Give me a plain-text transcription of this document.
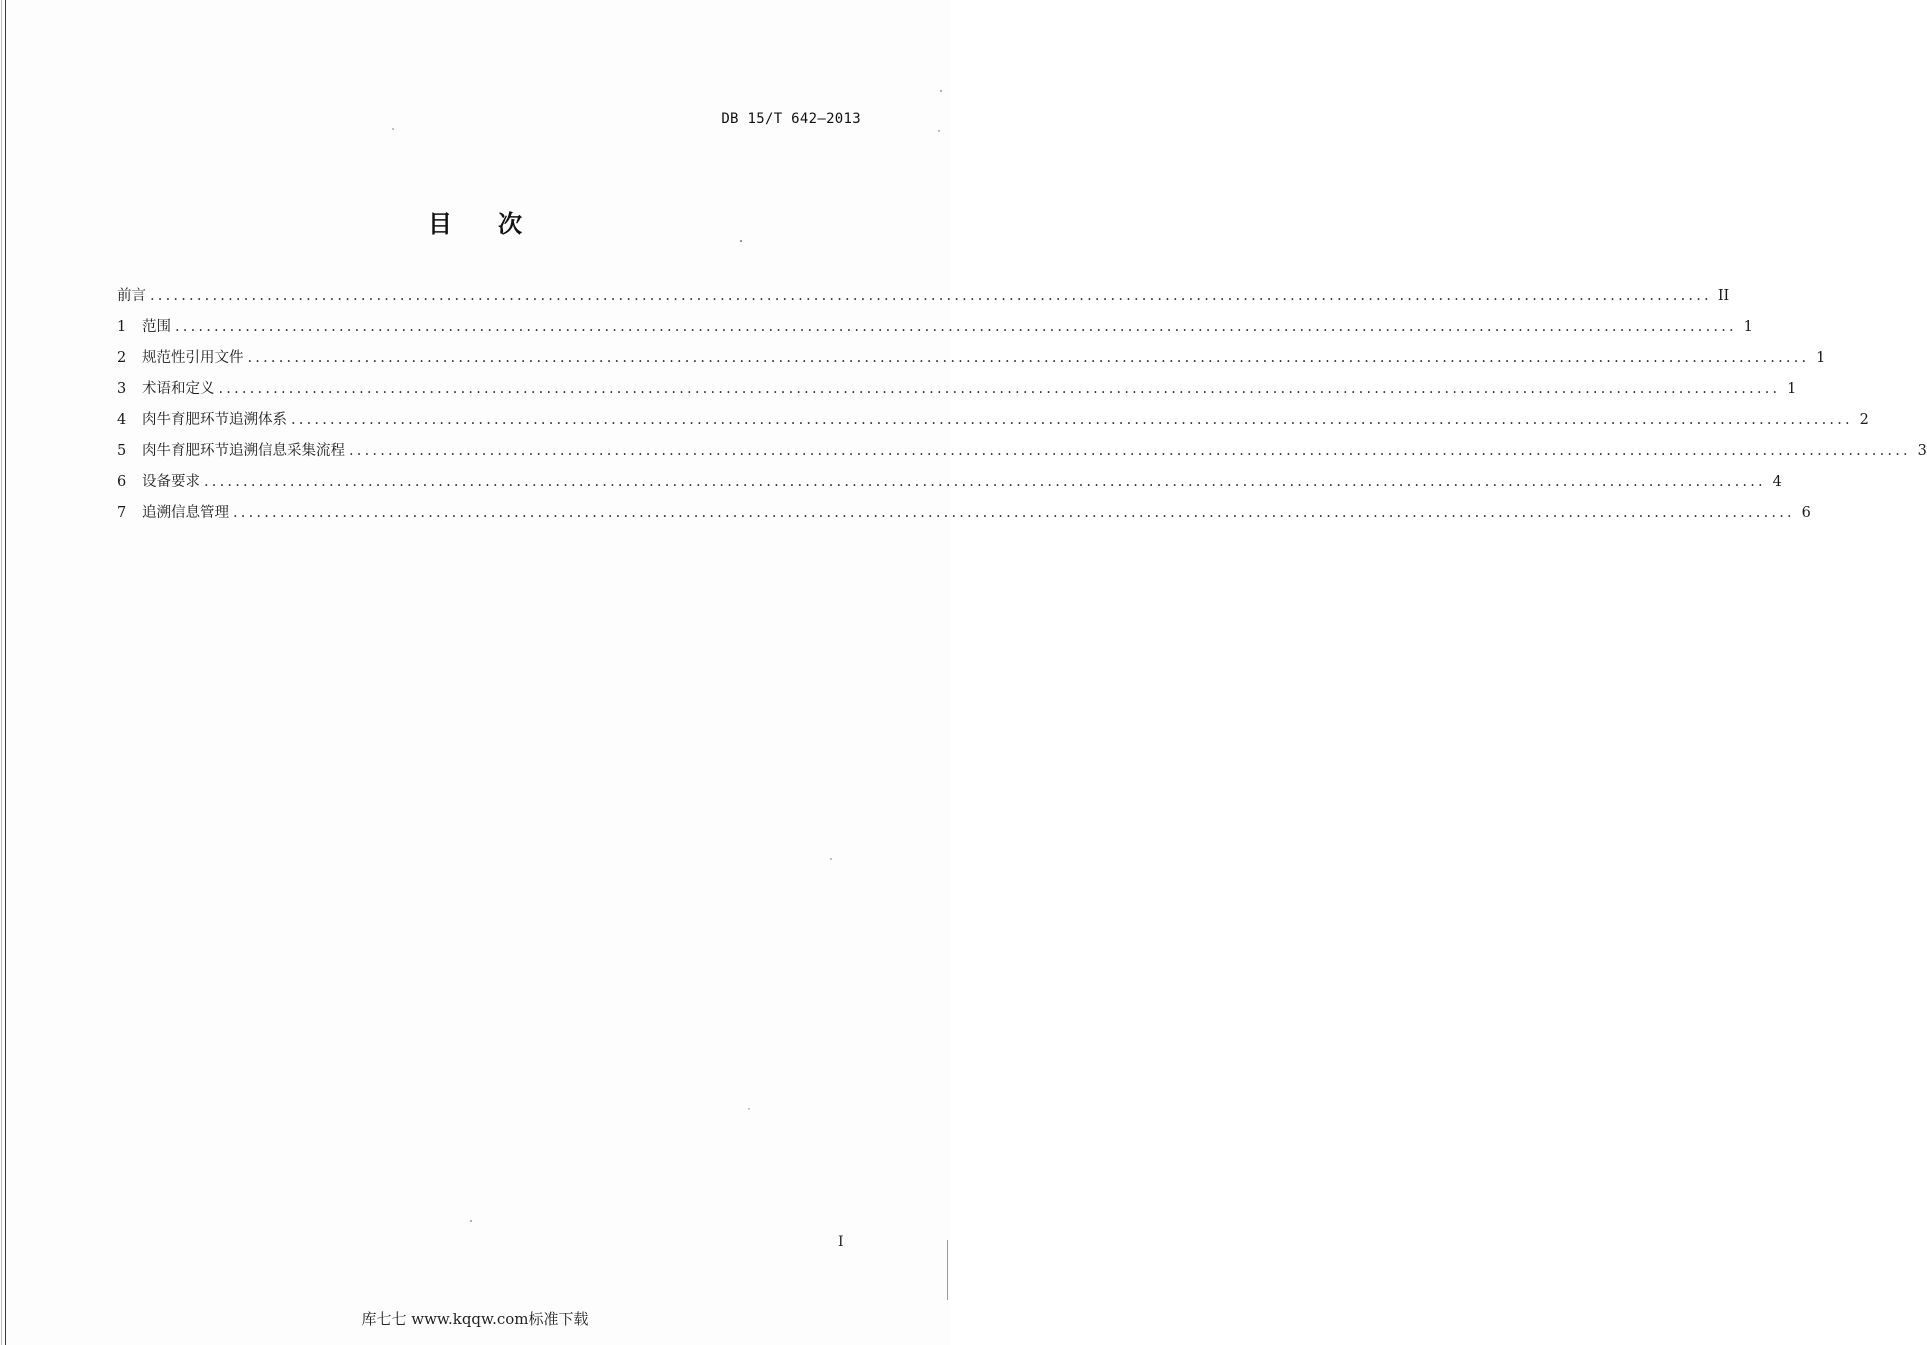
DB 15/T 642—2013
目 次
前言 ........................................................................................................................................................................................................ II
1	范围 ........................................................................................................................................................................................................ 1
2	规范性引用文件 ........................................................................................................................................................................................................ 1
3	术语和定义 ........................................................................................................................................................................................................ 1
4	肉牛育肥环节追溯体系 ........................................................................................................................................................................................................ 2
5	肉牛育肥环节追溯信息采集流程 ........................................................................................................................................................................................................ 3
6	设备要求 ........................................................................................................................................................................................................ 4
7	追溯信息管理 ........................................................................................................................................................................................................ 6
I
库七七 www.kqqw.com标准下载
